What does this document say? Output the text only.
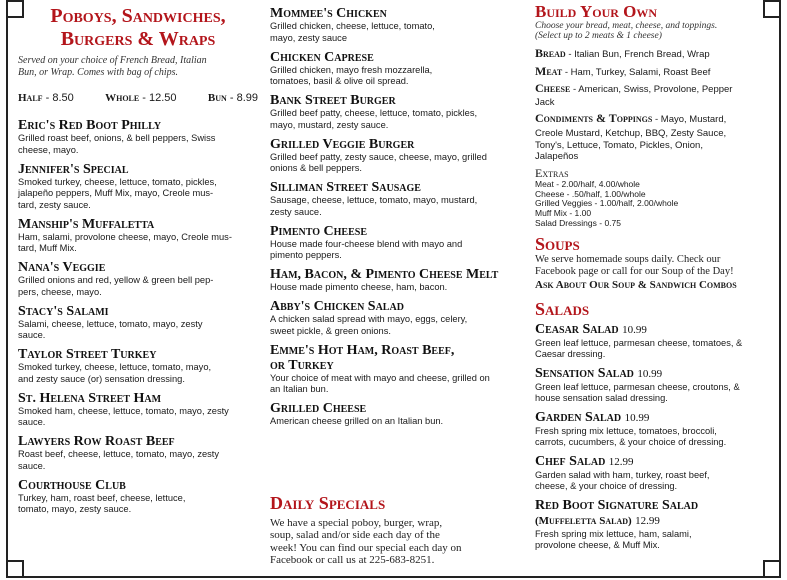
Poboys, Sandwiches,

Burgers & Wraps

Served on your choice of French Bread, Italian

Bun, or Wrap. Comes with bag of chips.

Half - 8.50	Whole - 12.50	Bun - 8.99

Eric's Red Boot Philly

Grilled roast beef, onions, & bell peppers, Swiss

cheese, mayo.

Jennifer's Special

Smoked turkey, cheese, lettuce, tomato, pickles,

jalapeño peppers, Muff Mix, mayo, Creole mus-

tard, zesty sauce.

Manship's Muffaletta

Ham, salami, provolone cheese, mayo, Creole mus-

tard, Muff Mix.

Nana's Veggie

Grilled onions and red, yellow & green bell pep-

pers, cheese, mayo.

Stacy's Salami

Salami, cheese, lettuce, tomato, mayo, zesty

sauce.

Taylor Street Turkey

Smoked turkey, cheese, lettuce, tomato, mayo,

and zesty sauce (or) sensation dressing.

St. Helena Street Ham

Smoked ham, cheese, lettuce, tomato, mayo, zesty

sauce.

Lawyers Row Roast Beef

Roast beef, cheese, lettuce, tomato, mayo, zesty

sauce.

Courthouse Club

Turkey, ham, roast beef, cheese, lettuce,

tomato, mayo, zesty sauce.

Mommee's Chicken

Grilled chicken, cheese, lettuce, tomato,

mayo, zesty sauce

Chicken Caprese

Grilled chicken, mayo fresh mozzarella,

tomatoes, basil & olive oil spread.

Bank Street Burger

Grilled beef patty, cheese, lettuce, tomato, pickles,

mayo, mustard, zesty sauce.

Grilled Veggie Burger

Grilled beef patty, zesty sauce, cheese, mayo, grilled

onions & bell peppers.

Silliman Street Sausage

Sausage, cheese, lettuce, tomato, mayo, mustard,

zesty sauce.

Pimento Cheese

House made four-cheese blend with mayo and

pimento peppers.

Ham, Bacon, & Pimento Cheese Melt

House made pimento cheese, ham, bacon.

Abby's Chicken Salad

A chicken salad spread with mayo, eggs, celery,

sweet pickle, & green onions.

Emme's Hot Ham, Roast Beef,

or Turkey

Your choice of meat with mayo and cheese, grilled on

an Italian bun.

Grilled Cheese

American cheese grilled on an Italian bun.

Daily Specials

We have a special poboy, burger, wrap,

soup, salad and/or side each day of the

week! You can find our special each day on

Facebook or call us at 225-683-8251.

Build Your Own

Choose your bread, meat, cheese, and toppings.

(Select up to 2 meats & 1 cheese)

Bread - Italian Bun, French Bread, Wrap

Meat - Ham, Turkey, Salami, Roast Beef

Cheese - American, Swiss, Provolone, Pepper

Jack

Condiments & Toppings - Mayo, Mustard,

Creole Mustard, Ketchup, BBQ, Zesty Sauce,

Tony's, Lettuce, Tomato, Pickles, Onion,

Jalapeños

Extras

Meat - 2.00/half, 4.00/whole

Cheese - .50/half, 1.00/whole

Grilled Veggies - 1.00/half, 2.00/whole

Muff Mix - 1.00

Salad Dressings - 0.75

Soups

We serve homemade soups daily. Check our

Facebook page or call for our Soup of the Day!

Ask About Our Soup & Sandwich Combos

Salads

Ceasar Salad 10.99

Green leaf lettuce, parmesan cheese, tomatoes, &

Caesar dressing.

Sensation Salad 10.99

Green leaf lettuce, parmesan cheese, croutons, &

house sensation salad dressing.

Garden Salad 10.99

Fresh spring mix lettuce, tomatoes, broccoli,

carrots, cucumbers, & your choice of dressing.

Chef Salad 12.99

Garden salad with ham, turkey, roast beef,

cheese, & your choice of dressing.

Red Boot Signature Salad

(Muffeletta Salad) 12.99

Fresh spring mix lettuce, ham, salami,

provolone cheese, & Muff Mix.
